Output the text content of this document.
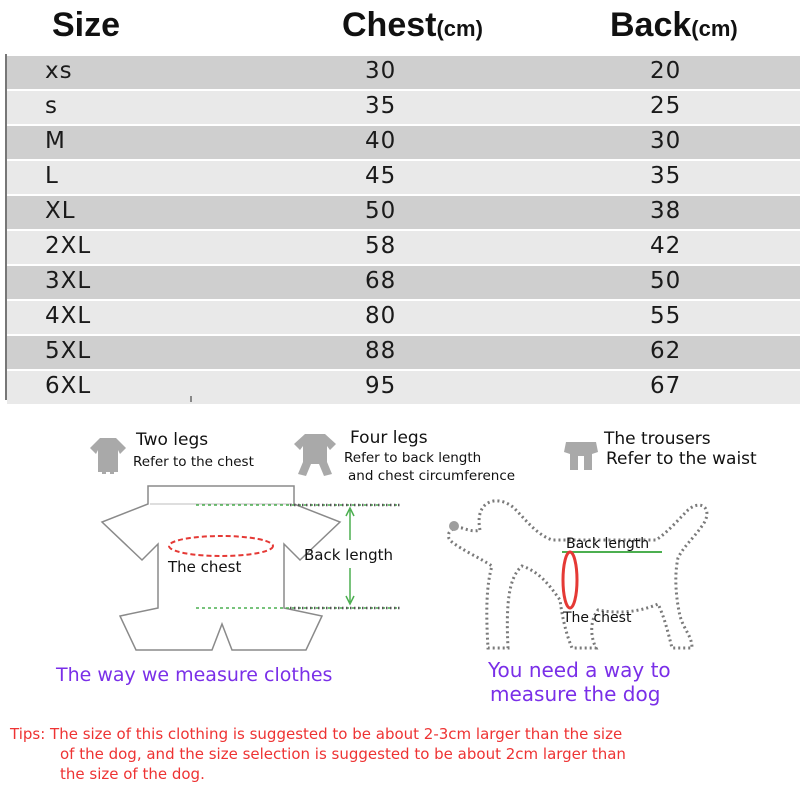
Size	Chest(cm)	Back(cm)
xs	30	20
s	35	25
M	40	30
L	45	35
XL	50	38
2XL	58	42
3XL	68	50
4XL	80	55
5XL	88	62
6XL	95	67
Two legs
Refer to the chest
Four legs
Refer to back length
and chest circumference
The trousers
Refer to the waist
The chest
Back length
The way we measure clothes
Back length
The chest
You need a way to
measure the dog
Tips: The size of this clothing is suggested to be about 2-3cm larger than the size
of the dog, and the size selection is suggested to be about 2cm larger than
the size of the dog.
